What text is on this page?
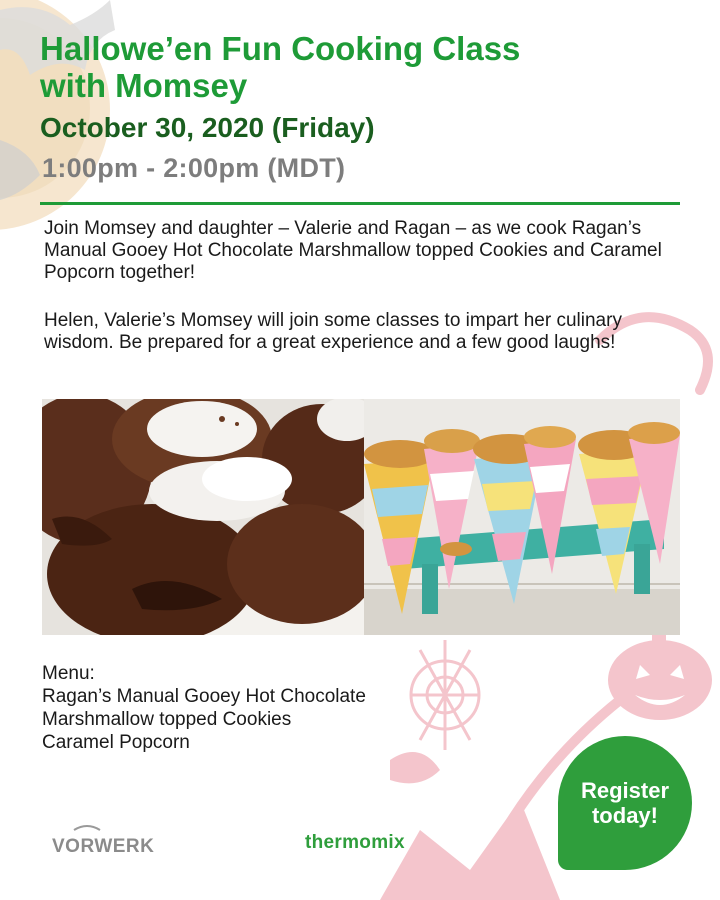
Hallowe’en Fun Cooking Class
with Momsey

October 30, 2020 (Friday)

1:00pm - 2:00pm (MDT)

Join Momsey and daughter – Valerie and Ragan – as we cook Ragan’s Manual Gooey Hot Chocolate Marshmallow topped Cookies and Caramel Popcorn together!

Helen, Valerie’s Momsey will join some classes to impart her culinary wisdom. Be prepared for a great experience and a few good laughs!

Menu:
Ragan’s Manual Gooey Hot Chocolate
Marshmallow topped Cookies
Caramel Popcorn
Register
today!
VORWERK	thermomix
